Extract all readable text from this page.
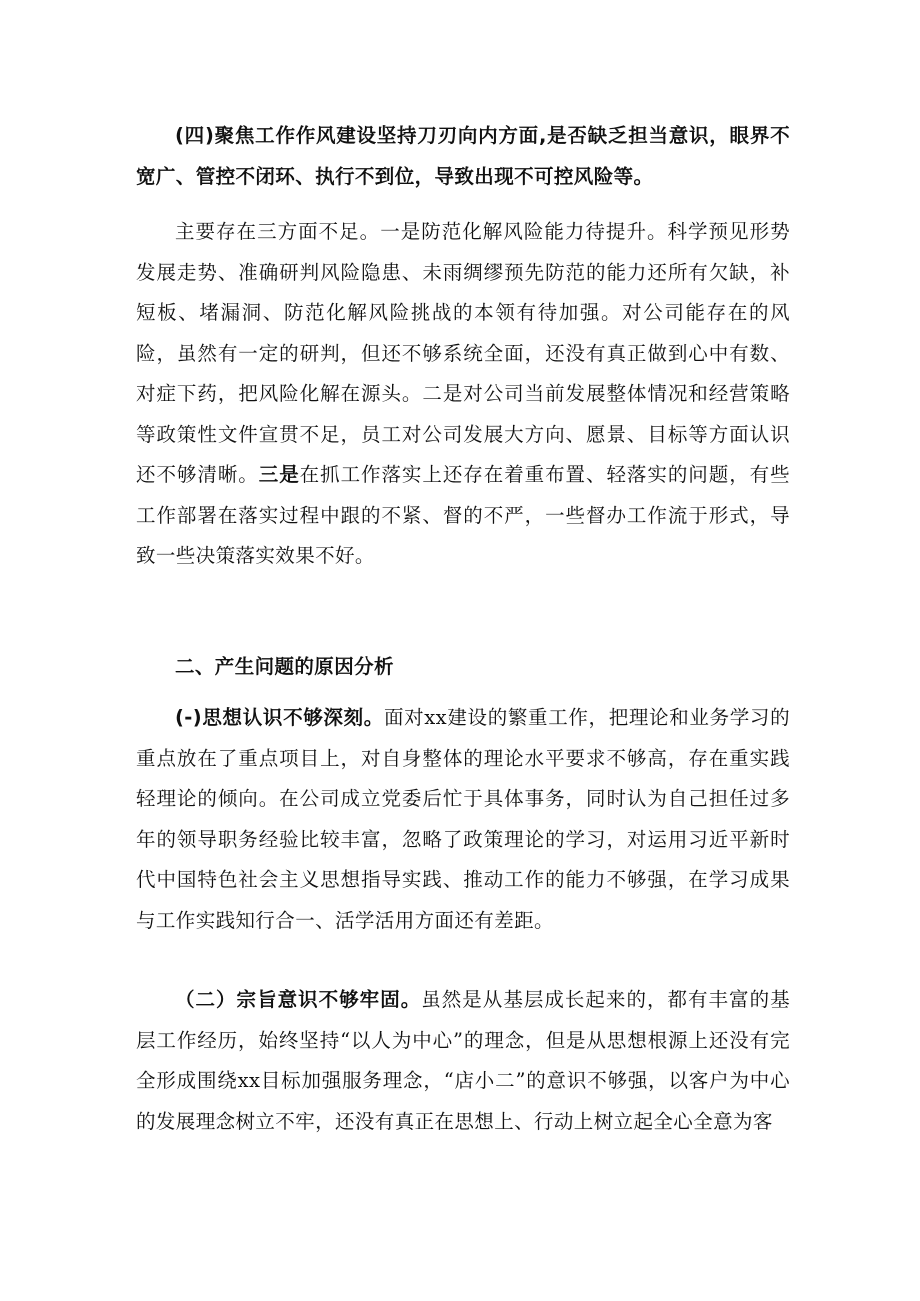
(四)聚焦工作作风建设坚持刀刃向内方面,是否缺乏担当意识，眼界不宽广、管控不闭环、执行不到位，导致出现不可控风险等。

主要存在三方面不足。一是防范化解风险能力待提升。科学预见形势发展走势、准确研判风险隐患、未雨绸缪预先防范的能力还所有欠缺，补短板、堵漏洞、防范化解风险挑战的本领有待加强。对公司能存在的风险，虽然有一定的研判，但还不够系统全面，还没有真正做到心中有数、对症下药，把风险化解在源头。二是对公司当前发展整体情况和经营策略等政策性文件宣贯不足，员工对公司发展大方向、愿景、目标等方面认识还不够清晰。三是在抓工作落实上还存在着重布置、轻落实的问题，有些工作部署在落实过程中跟的不紧、督的不严，一些督办工作流于形式，导致一些决策落实效果不好。

二、产生问题的原因分析

(-)思想认识不够深刻。面对xx建设的繁重工作，把理论和业务学习的重点放在了重点项目上，对自身整体的理论水平要求不够高，存在重实践轻理论的倾向。在公司成立党委后忙于具体事务，同时认为自己担任过多年的领导职务经验比较丰富，忽略了政策理论的学习，对运用习近平新时代中国特色社会主义思想指导实践、推动工作的能力不够强，在学习成果与工作实践知行合一、活学活用方面还有差距。

（二）宗旨意识不够牢固。虽然是从基层成长起来的，都有丰富的基层工作经历，始终坚持“以人为中心”的理念，但是从思想根源上还没有完全形成围绕xx目标加强服务理念，“店小二”的意识不够强，以客户为中心的发展理念树立不牢，还没有真正在思想上、行动上树立起全心全意为客
